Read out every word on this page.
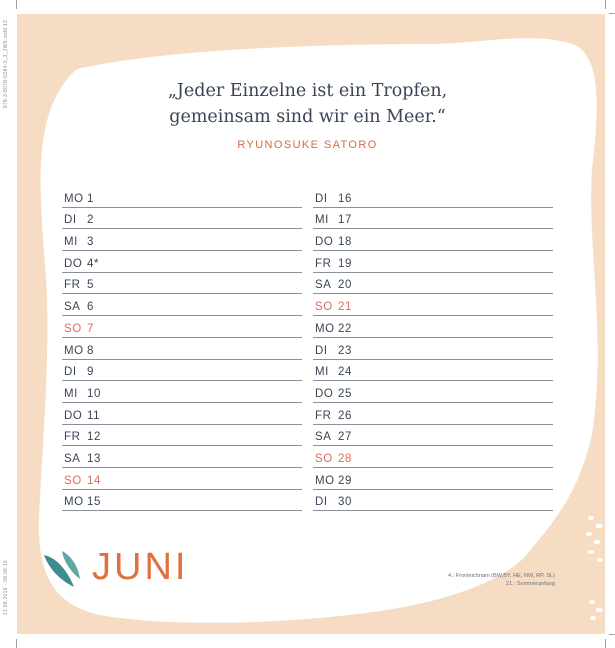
978-3-8078-0284-3_3_JW9.indd 13
13.08.2016 - 08:06:16
„Jeder Einzelne ist ein Tropfen,
gemeinsam sind wir ein Meer.“
RYUNOSUKE SATORO
MO 1
DI 2
MI 3
DO 4*
FR 5
SA 6
SO 7
MO 8
DI 9
MI 10
DO 11
FR 12
SA 13
SO 14
MO 15
DI 16
MI 17
DO 18
FR 19
SA 20
SO 21
MO 22
DI 23
MI 24
DO 25
FR 26
SA 27
SO 28
MO 29
DI 30
JUNI	4.: Fronleichnam (BW,BY, HE, NW, RP, SL)
21.: Sommeranfang
